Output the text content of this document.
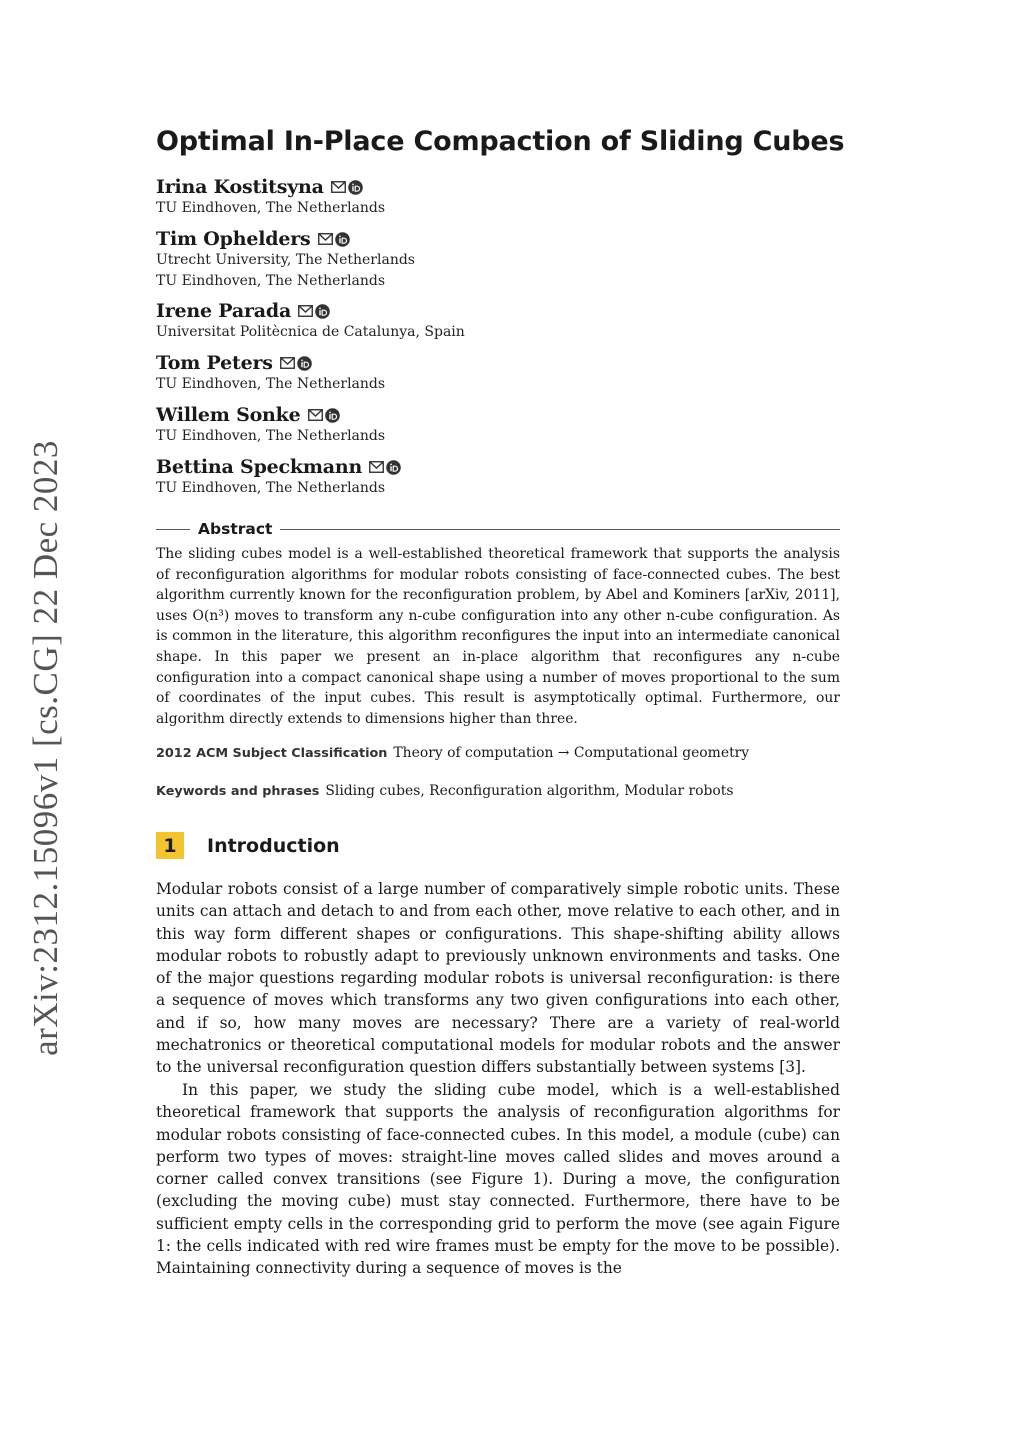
arXiv:2312.15096v1 [cs.CG] 22 Dec 2023
Optimal In-Place Compaction of Sliding Cubes
Irina Kostitsyna
TU Eindhoven, The Netherlands
Tim Ophelders
Utrecht University, The Netherlands
TU Eindhoven, The Netherlands
Irene Parada
Universitat Politècnica de Catalunya, Spain
Tom Peters
TU Eindhoven, The Netherlands
Willem Sonke
TU Eindhoven, The Netherlands
Bettina Speckmann
TU Eindhoven, The Netherlands
Abstract

The sliding cubes model is a well-established theoretical framework that supports the analysis of reconfiguration algorithms for modular robots consisting of face-connected cubes. The best algorithm currently known for the reconfiguration problem, by Abel and Kominers [arXiv, 2011], uses O(n³) moves to transform any n-cube configuration into any other n-cube configuration. As is common in the literature, this algorithm reconfigures the input into an intermediate canonical shape. In this paper we present an in-place algorithm that reconfigures any n-cube configuration into a compact canonical shape using a number of moves proportional to the sum of coordinates of the input cubes. This result is asymptotically optimal. Furthermore, our algorithm directly extends to dimensions higher than three.

2012 ACM Subject Classification Theory of computation → Computational geometry
Keywords and phrases Sliding cubes, Reconfiguration algorithm, Modular robots
1	Introduction

Modular robots consist of a large number of comparatively simple robotic units. These units can attach and detach to and from each other, move relative to each other, and in this way form different shapes or configurations. This shape-shifting ability allows modular robots to robustly adapt to previously unknown environments and tasks. One of the major questions regarding modular robots is universal reconfiguration: is there a sequence of moves which transforms any two given configurations into each other, and if so, how many moves are necessary? There are a variety of real-world mechatronics or theoretical computational models for modular robots and the answer to the universal reconfiguration question differs substantially between systems [3].

In this paper, we study the sliding cube model, which is a well-established theoretical framework that supports the analysis of reconfiguration algorithms for modular robots consisting of face-connected cubes. In this model, a module (cube) can perform two types of moves: straight-line moves called slides and moves around a corner called convex transitions (see Figure 1). During a move, the configuration (excluding the moving cube) must stay connected. Furthermore, there have to be sufficient empty cells in the corresponding grid to perform the move (see again Figure 1: the cells indicated with red wire frames must be empty for the move to be possible). Maintaining connectivity during a sequence of moves is the
